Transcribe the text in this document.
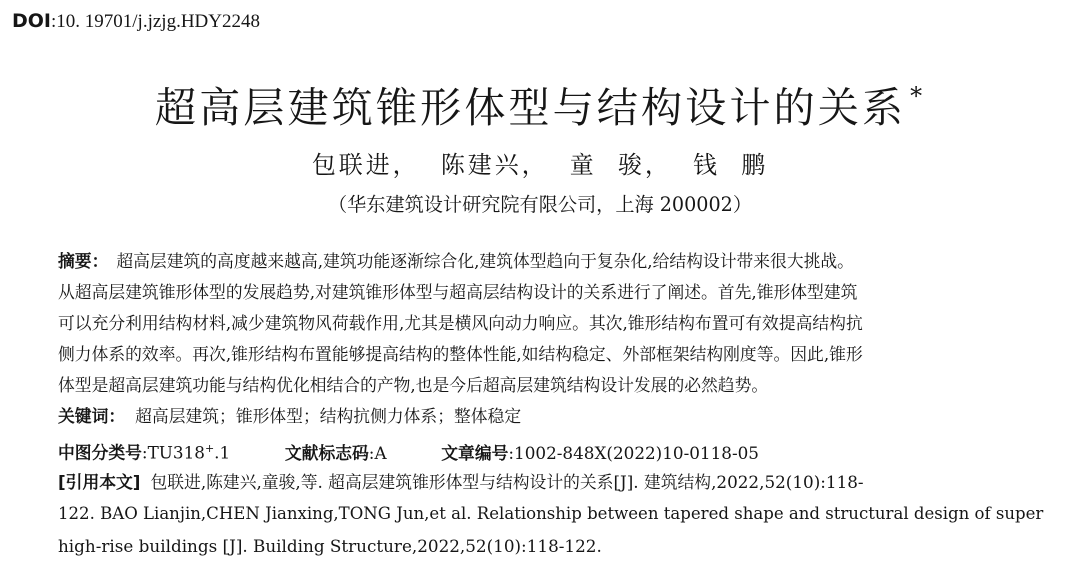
DOI:10. 19701/j.jzjg.HDY2248
超高层建筑锥形体型与结构设计的关系 *
包联进，  陈建兴，  童  骏，  钱  鹏
（华东建筑设计研究院有限公司，上海 200002）
摘要： 超高层建筑的高度越来越高,建筑功能逐渐综合化,建筑体型趋向于复杂化,给结构设计带来很大挑战。
从超高层建筑锥形体型的发展趋势,对建筑锥形体型与超高层结构设计的关系进行了阐述。首先,锥形体型建筑
可以充分利用结构材料,减少建筑物风荷载作用,尤其是横风向动力响应。其次,锥形结构布置可有效提高结构抗
侧力体系的效率。再次,锥形结构布置能够提高结构的整体性能,如结构稳定、外部框架结构刚度等。因此,锥形
体型是超高层建筑功能与结构优化相结合的产物,也是今后超高层建筑结构设计发展的必然趋势。
关键词： 超高层建筑；锥形体型；结构抗侧力体系；整体稳定
中图分类号:TU318+.1	文献标志码:A	文章编号:1002-848X(2022)10-0118-05
[引用本文] 包联进,陈建兴,童骏,等. 超高层建筑锥形体型与结构设计的关系[J]. 建筑结构,2022,52(10):118-
122. BAO Lianjin,CHEN Jianxing,TONG Jun,et al. Relationship between tapered shape and structural design of super
high-rise buildings [J]. Building Structure,2022,52(10):118-122.
